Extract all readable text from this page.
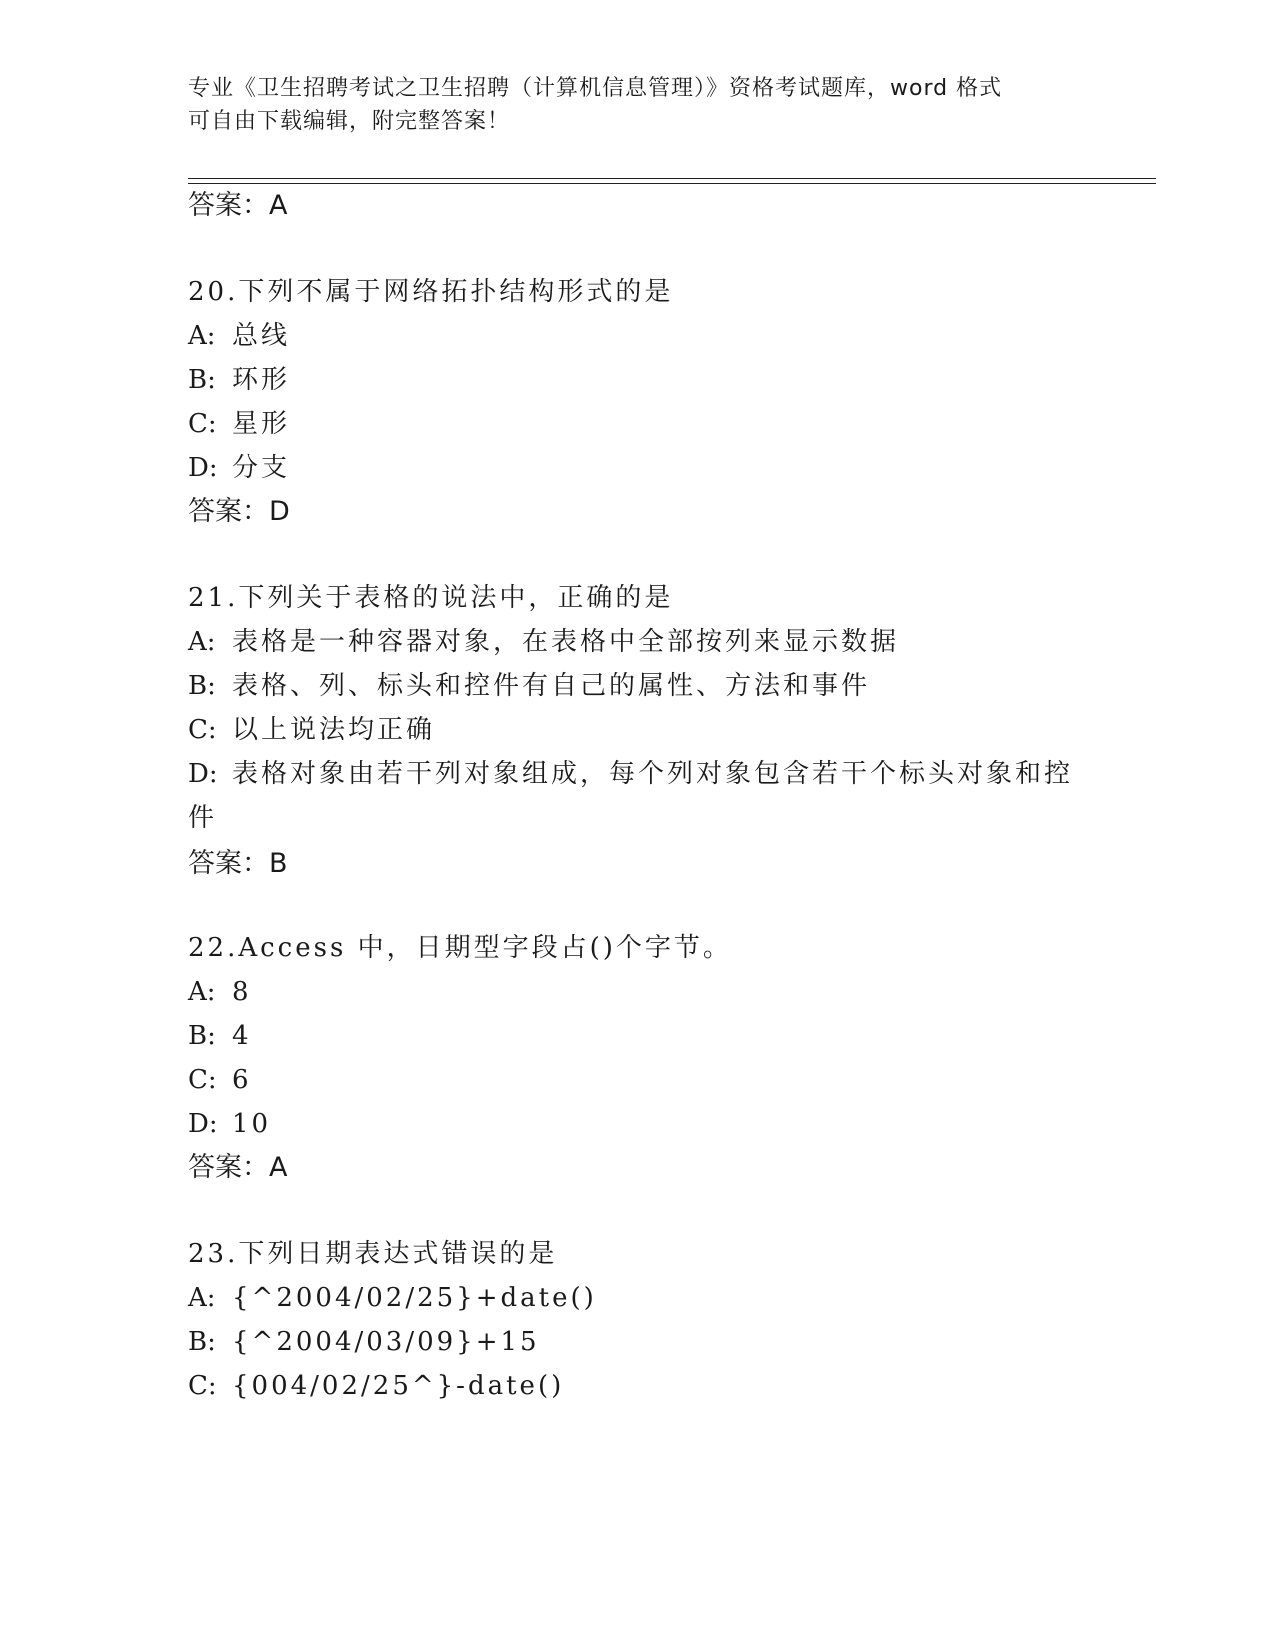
专业《卫生招聘考试之卫生招聘（计算机信息管理）》资格考试题库，word 格式
可自由下载编辑，附完整答案！
答案：A
20.下列不属于网络拓扑结构形式的是
A: 总线
B: 环形
C: 星形
D: 分支
答案：D
21.下列关于表格的说法中，正确的是
A: 表格是一种容器对象，在表格中全部按列来显示数据
B: 表格、列、标头和控件有自己的属性、方法和事件
C: 以上说法均正确
D: 表格对象由若干列对象组成，每个列对象包含若干个标头对象和控
件
答案：B
22.Access 中，日期型字段占()个字节。
A: 8
B: 4
C: 6
D: 10
答案：A
23.下列日期表达式错误的是
A: {^2004/02/25}+date()
B: {^2004/03/09}+15
C: {004/02/25^}-date()
